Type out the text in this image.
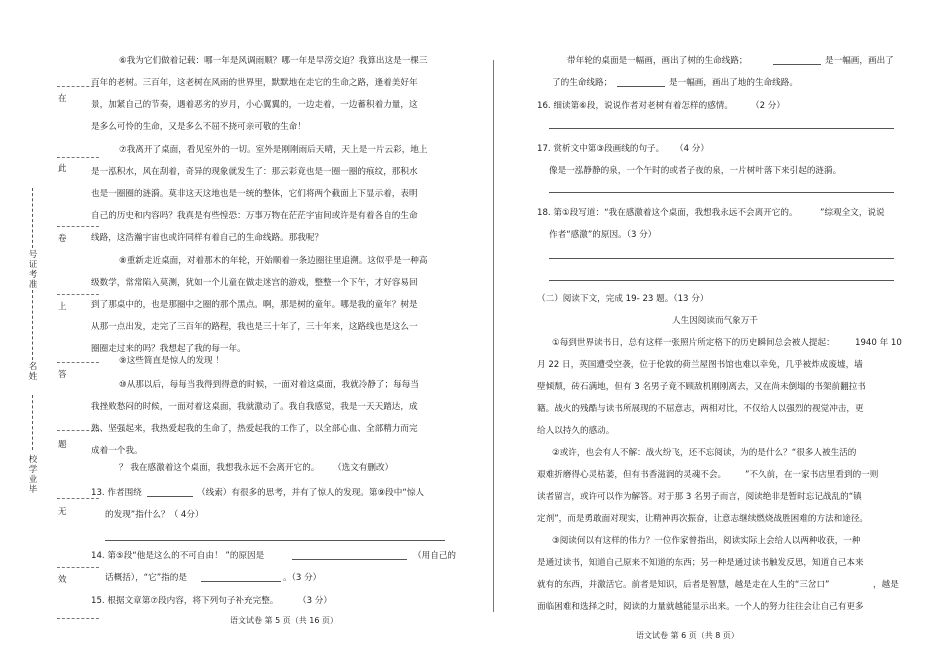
号
证
考
准
名
姓
校
学
业
毕
在
此
卷
上
答
题
无
效
⑥我为它们做着记载：哪一年是风调雨顺？哪一年是旱涝交迫？我算出这是一棵三
百年的老树。三百年，这老树在风雨的世界里，默默地在走它的生命之路，逢着美好年
景，加紧自己的节奏，遇着恶劣的岁月，小心翼翼的，一边走着，一边蓄积着力量，这
是多么可怜的生命，又是多么不屈不挠可亲可敬的生命！
⑦我离开了桌面，看见室外的一切。室外是刚刚雨后天晴，天上是一片云彩，地上
是一泓积水，风在刮着，奇异的现象就发生了：那云彩竟也是一圈一圈的痕纹，那积水
也是一圈圈的涟漪。莫非这天这地也是一统的整体，它们将两个截面上下显示着，表明
自己的历史和内容吗？我真是有些惶恐：万事万物在茫茫宇宙间或许是有着各自的生命
线路，这浩瀚宇宙也或许同样有着自己的生命线路。那我呢？
⑧重新走近桌面，对着那木的年轮，开始顺着一条边圈往里追溯。这似乎是一种高
级数学，常常陷入莫测，犹如一个儿童在做走迷宫的游戏，整整一个下午，才好容易回
到了那桌中的，也是那圈中之圈的那个黑点。啊，那是树的童年。哪是我的童年？树是
从那一点出发，走完了三百年的路程，我也是三十年了，三十年来，这路线也是这么一
圈圈走过来的吗？我想起了我的每一年。
⑨这些简直是惊人的发现 ！
⑩从那以后，每每当我得到得意的时候，一面对着这桌面，我就冷静了；每每当
我挫败愁闷的时候，一面对着这桌面，我就激动了。我自我感觉，我是一天天踏达，成
熟、坚强起来，我热爱起我的生命了，热爱起我的工作了，以全部心血、全部精力而完
成着一个我。
？ 我在感激着这个桌面，我想我永远不会离开它的。 （选文有删改）
13. 作者围绕	（线索）有很多的思考，并有了惊人的发现。第⑨段中“惊人
的发现”指什么？（ 4分）
14. 第⑤段“他是这么的不可自由！ ”的原因是	（用自己的
话概括），“它”指的是	。（3 分）
15. 根据文章第⑦段内容，将下列句子补充完整。 （3 分）
语文试卷 第 5 页（共 16 页）
带年轮的桌面是一幅画，画出了树的生命线路；	是一幅画，画出了
了的生命线路；	是一幅画，画出了地的生命线路。
16. 细读第⑥段，说说作者对老树有着怎样的感情。 （2 分）
17. 赏析文中第③段画线的句子。 （4 分）
像是一泓静静的泉，一个午时的或者子夜的泉，一片树叶落下来引起的涟漪。
18. 第①段写道：“我在感激着这个桌面，我想我永远不会离开它的。	”综观全文，说说
作者“感激”的原因。（3 分）
（二）阅读下文，完成 19- 23 题。（13 分）
人生因阅读而气象万千
①每到世界读书日，总有这样一张照片所定格下的历史瞬间总会被人提起： 1940 年 10
月 22 日，英国遭受空袭，位于伦敦的荷兰屋图书馆也难以幸免，几乎被炸成废墟，墙
壁倾颓，砖石满地，但有 3 名男子竟不顾敌机刚刚离去，又在尚未倒塌的书架前翻拉书
籍。战火的残酷与读书所展现的不屈意志，两相对比，不仅给人以强烈的视觉冲击，更
给人以持久的感动。
②或许，也会有人不解：战火纷飞，还不忘阅读，为的是什么？“很多人被生活的
艰难折磨得心灵枯萎，但有书香滋润的灵魂不会。 ”不久前，在一家书店里看到的一则
读者留言，或许可以作为解答。对于那 3 名男子而言，阅读绝非是暂时忘记战乱的“镇
定剂”，而是勇敢面对现实，让精神再次振奋，让意志继续燃烧战胜困难的方法和途径。
③阅读何以有这样的伟力？一位作家曾指出，阅读实际上会给人以两种收获，一种
是通过读书，知道自己原来不知道的东西；另一种是通过读书触发反思，知道自己本来
就有的东西，并激活它。前者是知识，后者是智慧，越是走在人生的“三岔口”	，越是
面临困难和选择之时，阅读的力量就越能显示出来。一个人的努力往往会让自己有更多
语文试卷 第 6 页（共 8 页）
